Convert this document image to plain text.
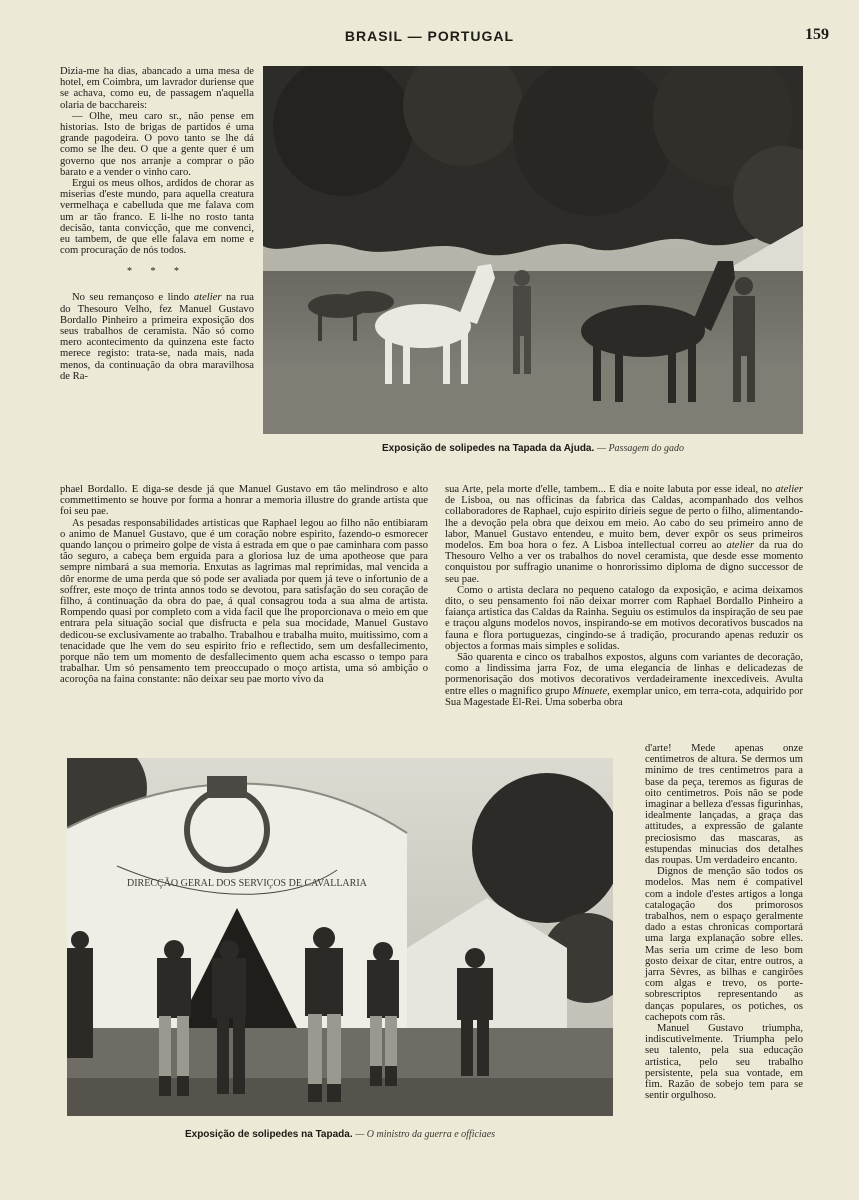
BRASIL — PORTUGAL	159

Dizia-me ha dias, abancado a uma mesa de hotel, em Coimbra, um lavrador duriense que se achava, como eu, de passagem n'aquella olaria de bacchareis:

— Olhe, meu caro sr., não pense em historias. Isto de brigas de partidos é uma grande pagodeira. O povo tanto se lhe dá como se lhe deu. O que a gente quer é um governo que nos arranje a comprar o pão barato e a vender o vinho caro.

Ergui os meus olhos, ardidos de chorar as miserias d'este mundo, para aquella creatura vermelhaça e cabelluda que me falava com um ar tão franco. E li-lhe no rosto tanta decisão, tanta convicção, que me convenci, eu tambem, de que elle falava em nome e com procuração de nós todos.

* * *

No seu remançoso e lindo atelier na rua do Thesouro Velho, fez Manuel Gustavo Bordallo Pinheiro a primeira exposição dos seus trabalhos de ceramista. Não só como mero acontecimento da quinzena este facto merece registo: trata-se, nada mais, nada menos, da continuação da obra maravilhosa de Ra-

Exposição de solipedes na Tapada da Ajuda. — Passagem do gado

phael Bordallo. E diga-se desde já que Manuel Gustavo em tão melindroso e alto commettimento se houve por forma a honrar a memoria illustre do grande artista que foi seu pae.

As pesadas responsabilidades artisticas que Raphael legou ao filho não entibiaram o animo de Manuel Gustavo, que é um coração nobre espirito, fazendo-o esmorecer quando lançou o primeiro golpe de vista á estrada em que o pae caminhara com passo tão seguro, a cabeça bem erguida para a gloriosa luz de uma apotheose que para sempre nimbará a sua memoria. Enxutas as lagrimas mal reprimidas, mal vencida a dôr enorme de uma perda que só pode ser avaliada por quem já teve o infortunio de a soffrer, este moço de trinta annos todo se devotou, para satisfação do seu coração de filho, á continuação da obra do pae, á qual consagrou toda a sua alma de artista. Rompendo quasi por completo com a vida facil que lhe proporcionava o meio em que entrara pela situação social que disfructa e pela sua mocidade, Manuel Gustavo dedicou-se exclusivamente ao trabalho. Trabalhou e trabalha muito, muitissimo, com a tenacidade que lhe vem do seu espirito frio e reflectido, sem um desfallecimento, porque não tem um momento de desfallecimento quem acha escasso o tempo para trabalhar. Um só pensamento tem preoccupado o moço artista, uma só ambição o acoroçôa na faina constante: não deixar seu pae morto vivo da

sua Arte, pela morte d'elle, tambem... E dia e noite labuta por esse ideal, no atelier de Lisboa, ou nas officinas da fabrica das Caldas, acompanhado dos velhos collaboradores de Raphael, cujo espirito dirieis segue de perto o filho, alimentando-lhe a devoção pela obra que deixou em meio. Ao cabo do seu primeiro anno de labor, Manuel Gustavo entendeu, e muito bem, dever expôr os seus primeiros modelos. Em boa hora o fez. A Lisboa intellectual correu ao atelier da rua do Thesouro Velho a ver os trabalhos do novel ceramista, que desde esse momento conquistou por suffragio unanime o honrorissimo diploma de digno successor de seu pae.

Como o artista declara no pequeno catalogo da exposição, e acima deixamos dito, o seu pensamento foi não deixar morrer com Raphael Bordallo Pinheiro a faiança artistica das Caldas da Rainha. Seguiu os estimulos da inspiração de seu pae e traçou alguns modelos novos, inspirando-se em motivos decorativos buscados na fauna e flora portuguezas, cingindo-se á tradição, procurando apenas reduzir os objectos a formas mais simples e solidas.

São quarenta e cinco os trabalhos expostos, alguns com variantes de decoração, como a lindissima jarra Foz, de uma elegancia de linhas e delicadezas de pormenorisação dos motivos decorativos verdadeiramente inexcediveis. Avulta entre elles o magnifico grupo Minuete, exemplar unico, em terra-cota, adquirido por Sua Magestade El-Rei. Uma soberba obra

d'arte! Mede apenas onze centimetros de altura. Se dermos um minimo de tres centimetros para a base da peça, teremos as figuras de oito centimetros. Pois não se pode imaginar a belleza d'essas figurinhas, idealmente lançadas, a graça das attitudes, a expressão de galante preciosismo das mascaras, as estupendas minucias dos detalhes das roupas. Um verdadeiro encanto.

Dignos de menção são todos os modelos. Mas nem é compativel com a indole d'estes artigos a longa catalogação dos primorosos trabalhos, nem o espaço geralmente dado a estas chronicas comportará uma larga explanação sobre elles. Mas seria um crime de leso bom gosto deixar de citar, entre outros, a jarra Sèvres, as bilhas e cangirões com algas e trevo, os porte-sobrescriptos representando as danças populares, os potiches, os cachepots com rãs.

Manuel Gustavo triumpha, indiscutivelmente. Triumpha pelo seu talento, pela sua educação artistica, pelo seu trabalho persistente, pela sua vontade, em fim. Razão de sobejo tem para se sentir orgulhoso.

DIRECÇÃO GERAL DOS SERVIÇOS DE CAVALLARIA
Exposição de solipedes na Tapada. — O ministro da guerra e officiaes
